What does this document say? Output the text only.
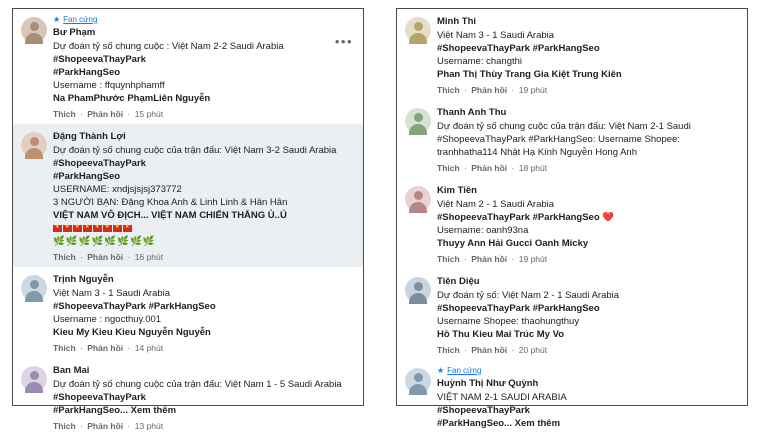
★ Fan cứng
Bư Phạm
Dự đoán tỷ số chung cuộc : Việt Nam 2-2 Saudi Arabia
#ShopeevaThayPark
#ParkHangSeo
Username : ffquynhphamff
Na PhamPhước PhạmLiên Nguyễn
Thích · Phản hồi · 15 phút
•••
Đặng Thành Lợi
Dự đoán tỷ số chung cuộc của trận đấu: Việt Nam 3-2 Saudi Arabia
#ShopeevaThayPark
#ParkHangSeo
USERNAME: xndjsjsjsj373772
3 NGƯỜI BẠN: Đặng Khoa Anh & Linh Linh & Hân Hân
VIỆT NAM VÔ ĐỊCH... VIỆT NAM CHIẾN THẮNG Ủ..Ú
★★★★★★★★
🌿🌿🌿🌿🌿🌿🌿🌿
Thích · Phản hồi · 16 phút
Trịnh Nguyễn
Việt Nam 3 - 1 Saudi Arabia
#ShopeevaThayPark #ParkHangSeo
Username : ngocthuy.001
Kieu My Kieu Kieu Nguyễn Nguyễn
Thích · Phản hồi · 14 phút
Ban Mai
Dự đoán tỷ số chung cuộc của trận đấu: Việt Nam 1 - 5 Saudi Arabia
#ShopeevaThayPark
#ParkHangSeo... Xem thêm
Thích · Phản hồi · 13 phút
Minh Thi
Việt Nam 3 - 1 Saudi Arabia
#ShopeevaThayPark #ParkHangSeo
Username: changthi
Phan Thị Thùy Trang Gia Kiệt Trung Kiên
Thích · Phản hồi · 19 phút
Thanh Anh Thu
Dự đoán tỷ số chung cuộc của trận đấu: Việt Nam 2-1 Saudi
#ShopeevaThayPark #ParkHangSeo: Username Shopee:
tranhhatha114 Nhật Hạ Kính Nguyễn Hong Anh
Thích · Phản hồi · 18 phút
Kim Tiền
Việt Nam 2 - 1 Saudi Arabia
#ShopeevaThayPark #ParkHangSeo ❤️
Username: oanh93na
Thuyy Ann Hải Gucci Oanh Micky
Thích · Phản hồi · 19 phút
Tiên Diệu
Dự đoán tỷ số: Việt Nam 2 - 1 Saudi Arabia
#ShopeevaThayPark #ParkHangSeo
Username Shopee: thaohungthuy
Hồ Thu Kieu Mai Trúc My Vo
Thích · Phản hồi · 20 phút
★ Fan cứng
Huỳnh Thị Như Quỳnh
VIỆT NAM 2-1 SAUDI ARABIA
#ShopeevaThayPark
#ParkHangSeo... Xem thêm
